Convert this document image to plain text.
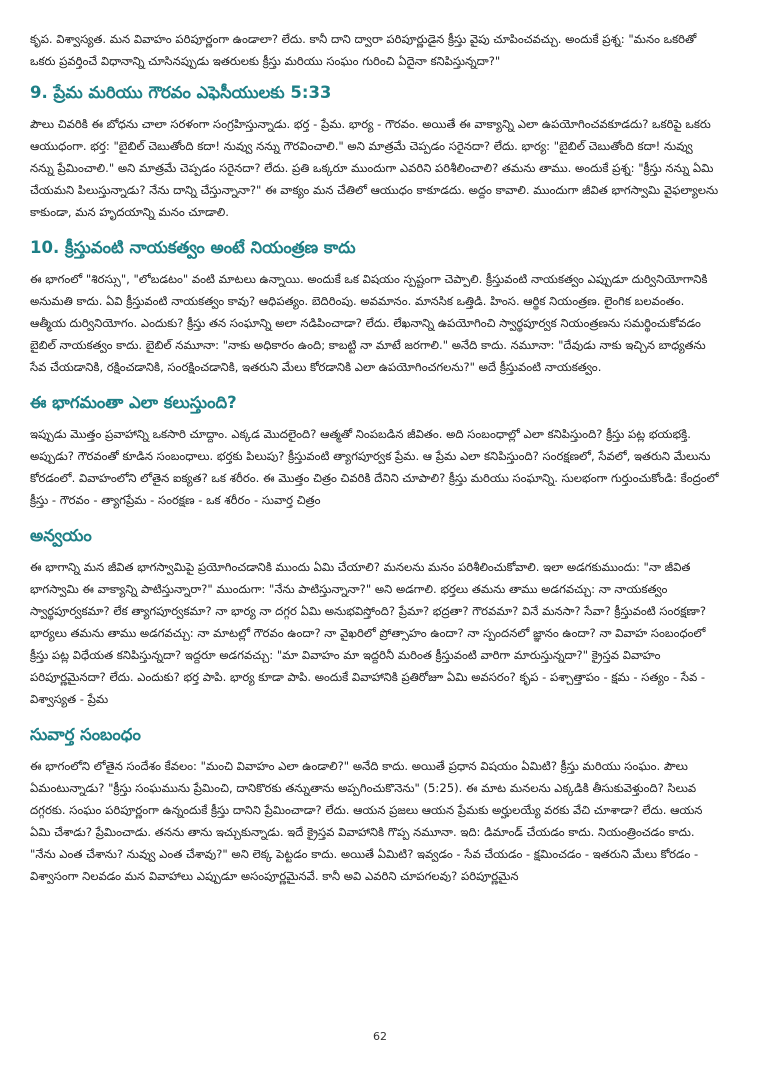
కృప. విశ్వాస్యత. మన వివాహం పరిపూర్ణంగా ఉండాలా? లేదు. కానీ దాని ద్వారా పరిపూర్ణుడైన క్రీస్తు వైపు చూపించవచ్చు. అందుకే ప్రశ్న: "మనం ఒకరితో ఒకరు ప్రవర్తించే విధానాన్ని చూసినప్పుడు ఇతరులకు క్రీస్తు మరియు సంఘం గురించి ఏదైనా కనిపిస్తున్నదా?"

9. ప్రేమ మరియు గౌరవం ఎఫెసీయులకు 5:33

పౌలు చివరికి ఈ బోధను చాలా సరళంగా సంగ్రహిస్తున్నాడు. భర్త - ప్రేమ. భార్య - గౌరవం. అయితే ఈ వాక్యాన్ని ఎలా ఉపయోగించవకూడదు? ఒకరిపై ఒకరు ఆయుధంగా. భర్త: "బైబిల్ చెబుతోంది కదా! నువ్వు నన్ను గౌరవించాలి." అని మాత్రమే చెప్పడం సరైనదా? లేదు. భార్య: "బైబిల్ చెబుతోంది కదా! నువ్వు నన్ను ప్రేమించాలి." అని మాత్రమే చెప్పడం సరైనదా? లేదు. ప్రతి ఒక్కరూ ముందుగా ఎవరిని పరిశీలించాలి? తమను తాము. అందుకే ప్రశ్న: "క్రీస్తు నన్ను ఏమి చేయమని పిలుస్తున్నాడు? నేను దాన్ని చేస్తున్నానా?" ఈ వాక్యం మన చేతిలో ఆయుధం కాకూడదు. అద్దం కావాలి. ముందుగా జీవిత భాగస్వామి వైఫల్యాలను కాకుండా, మన హృదయాన్ని మనం చూడాలి.

10. క్రీస్తువంటి నాయకత్వం అంటే నియంత్రణ కాదు

ఈ భాగంలో "శిరస్సు", "లోబడటం" వంటి మాటలు ఉన్నాయి. అందుకే ఒక విషయం స్పష్టంగా చెప్పాలి. క్రీస్తువంటి నాయకత్వం ఎప్పుడూ దుర్వినియోగానికి అనుమతి కాదు. ఏవి క్రీస్తువంటి నాయకత్వం కావు? ఆధిపత్యం. బెదిరింపు. అవమానం. మానసిక ఒత్తిడి. హింస. ఆర్థిక నియంత్రణ. లైంగిక బలవంతం. ఆత్మీయ దుర్వినియోగం. ఎందుకు? క్రీస్తు తన సంఘాన్ని అలా నడిపించాడా? లేదు. లేఖనాన్ని ఉపయోగించి స్వార్థపూర్వక నియంత్రణను సమర్థించుకోవడం బైబిల్ నాయకత్వం కాదు. బైబిల్ నమూనా: "నాకు అధికారం ఉంది; కాబట్టి నా మాటే జరగాలి." అనేది కాదు. నమూనా: "దేవుడు నాకు ఇచ్చిన బాధ్యతను సేవ చేయడానికి, రక్షించడానికి, సంరక్షించడానికి, ఇతరుని మేలు కోరడానికి ఎలా ఉపయోగించగలను?" అదే క్రీస్తువంటి నాయకత్వం.

ఈ భాగమంతా ఎలా కలుస్తుంది?

ఇప్పుడు మొత్తం ప్రవాహాన్ని ఒకసారి చూద్దాం. ఎక్కడ మొదలైంది? ఆత్మతో నింపబడిన జీవితం. అది సంబంధాల్లో ఎలా కనిపిస్తుంది? క్రీస్తు పట్ల భయభక్తి. అప్పుడు? గౌరవంతో కూడిన సంబంధాలు. భర్తకు పిలుపు? క్రీస్తువంటి త్యాగపూర్వక ప్రేమ. ఆ ప్రేమ ఎలా కనిపిస్తుంది? సంరక్షణలో, సేవలో, ఇతరుని మేలును కోరడంలో. వివాహంలోని లోతైన ఐక్యత? ఒక శరీరం. ఈ మొత్తం చిత్రం చివరికి దేనిని చూపాలి? క్రీస్తు మరియు సంఘాన్ని. సులభంగా గుర్తుంచుకోండి: కేంద్రంలో క్రీస్తు - గౌరవం - త్యాగప్రేమ - సంరక్షణ - ఒక శరీరం - సువార్త చిత్రం

అన్వయం

ఈ భాగాన్ని మన జీవిత భాగస్వామిపై ప్రయోగించడానికి ముందు ఏమి చేయాలి? మనలను మనం పరిశీలించుకోవాలి. ఇలా అడగకుముందు: "నా జీవిత భాగస్వామి ఈ వాక్యాన్ని పాటిస్తున్నారా?" ముందుగా: "నేను పాటిస్తున్నానా?" అని అడగాలి. భర్తలు తమను తాము అడగవచ్చు: నా నాయకత్వం స్వార్థపూర్వకమా? లేక త్యాగపూర్వకమా? నా భార్య నా దగ్గర ఏమి అనుభవిస్తోంది? ప్రేమా? భద్రతా? గౌరవమా? వినే మనసా? సేవా? క్రీస్తువంటి సంరక్షణా? భార్యలు తమను తాము అడగవచ్చు: నా మాటల్లో గౌరవం ఉందా? నా వైఖరిలో ప్రోత్సాహం ఉందా? నా స్పందనలో జ్ఞానం ఉందా? నా వివాహ సంబంధంలో క్రీస్తు పట్ల విధేయత కనిపిస్తున్నదా? ఇద్దరూ అడగవచ్చు: "మా వివాహం మా ఇద్దరినీ మరింత క్రీస్తువంటి వారిగా మారుస్తున్నదా?" క్రైస్తవ వివాహం పరిపూర్ణమైనదా? లేదు. ఎందుకు? భర్త పాపి. భార్య కూడా పాపి. అందుకే వివాహానికి ప్రతిరోజూ ఏమి అవసరం? కృప - పశ్చాత్తాపం - క్షమ - సత్యం - సేవ - విశ్వాస్యత - ప్రేమ

సువార్త సంబంధం

ఈ భాగంలోని లోతైన సందేశం కేవలం: "మంచి వివాహం ఎలా ఉండాలి?" అనేది కాదు. అయితే ప్రధాన విషయం ఏమిటి? క్రీస్తు మరియు సంఘం. పౌలు ఏమంటున్నాడు? "క్రీస్తు సంఘమును ప్రేమించి, దానికొరకు తన్నుతాను అప్పగించుకొనెను" (5:25). ఈ మాట మనలను ఎక్కడికి తీసుకువెళ్తుంది? సిలువ దగ్గరకు. సంఘం పరిపూర్ణంగా ఉన్నందుకే క్రీస్తు దానిని ప్రేమించాడా? లేదు. ఆయన ప్రజలు ఆయన ప్రేమకు అర్హులయ్యే వరకు వేచి చూశాడా? లేదు. ఆయన ఏమి చేశాడు? ప్రేమించాడు. తనను తాను ఇచ్చుకున్నాడు. ఇదే క్రైస్తవ వివాహానికి గొప్ప నమూనా. ఇది: డిమాండ్ చేయడం కాదు. నియంత్రించడం కాదు. "నేను ఎంత చేశాను? నువ్వు ఎంత చేశావు?" అని లెక్క పెట్టడం కాదు. అయితే ఏమిటి? ఇవ్వడం - సేవ చేయడం - క్షమించడం - ఇతరుని మేలు కోరడం - విశ్వాసంగా నిలవడం మన వివాహాలు ఎప్పుడూ అసంపూర్ణమైనవే. కానీ అవి ఎవరిని చూపగలవు? పరిపూర్ణమైన

62
